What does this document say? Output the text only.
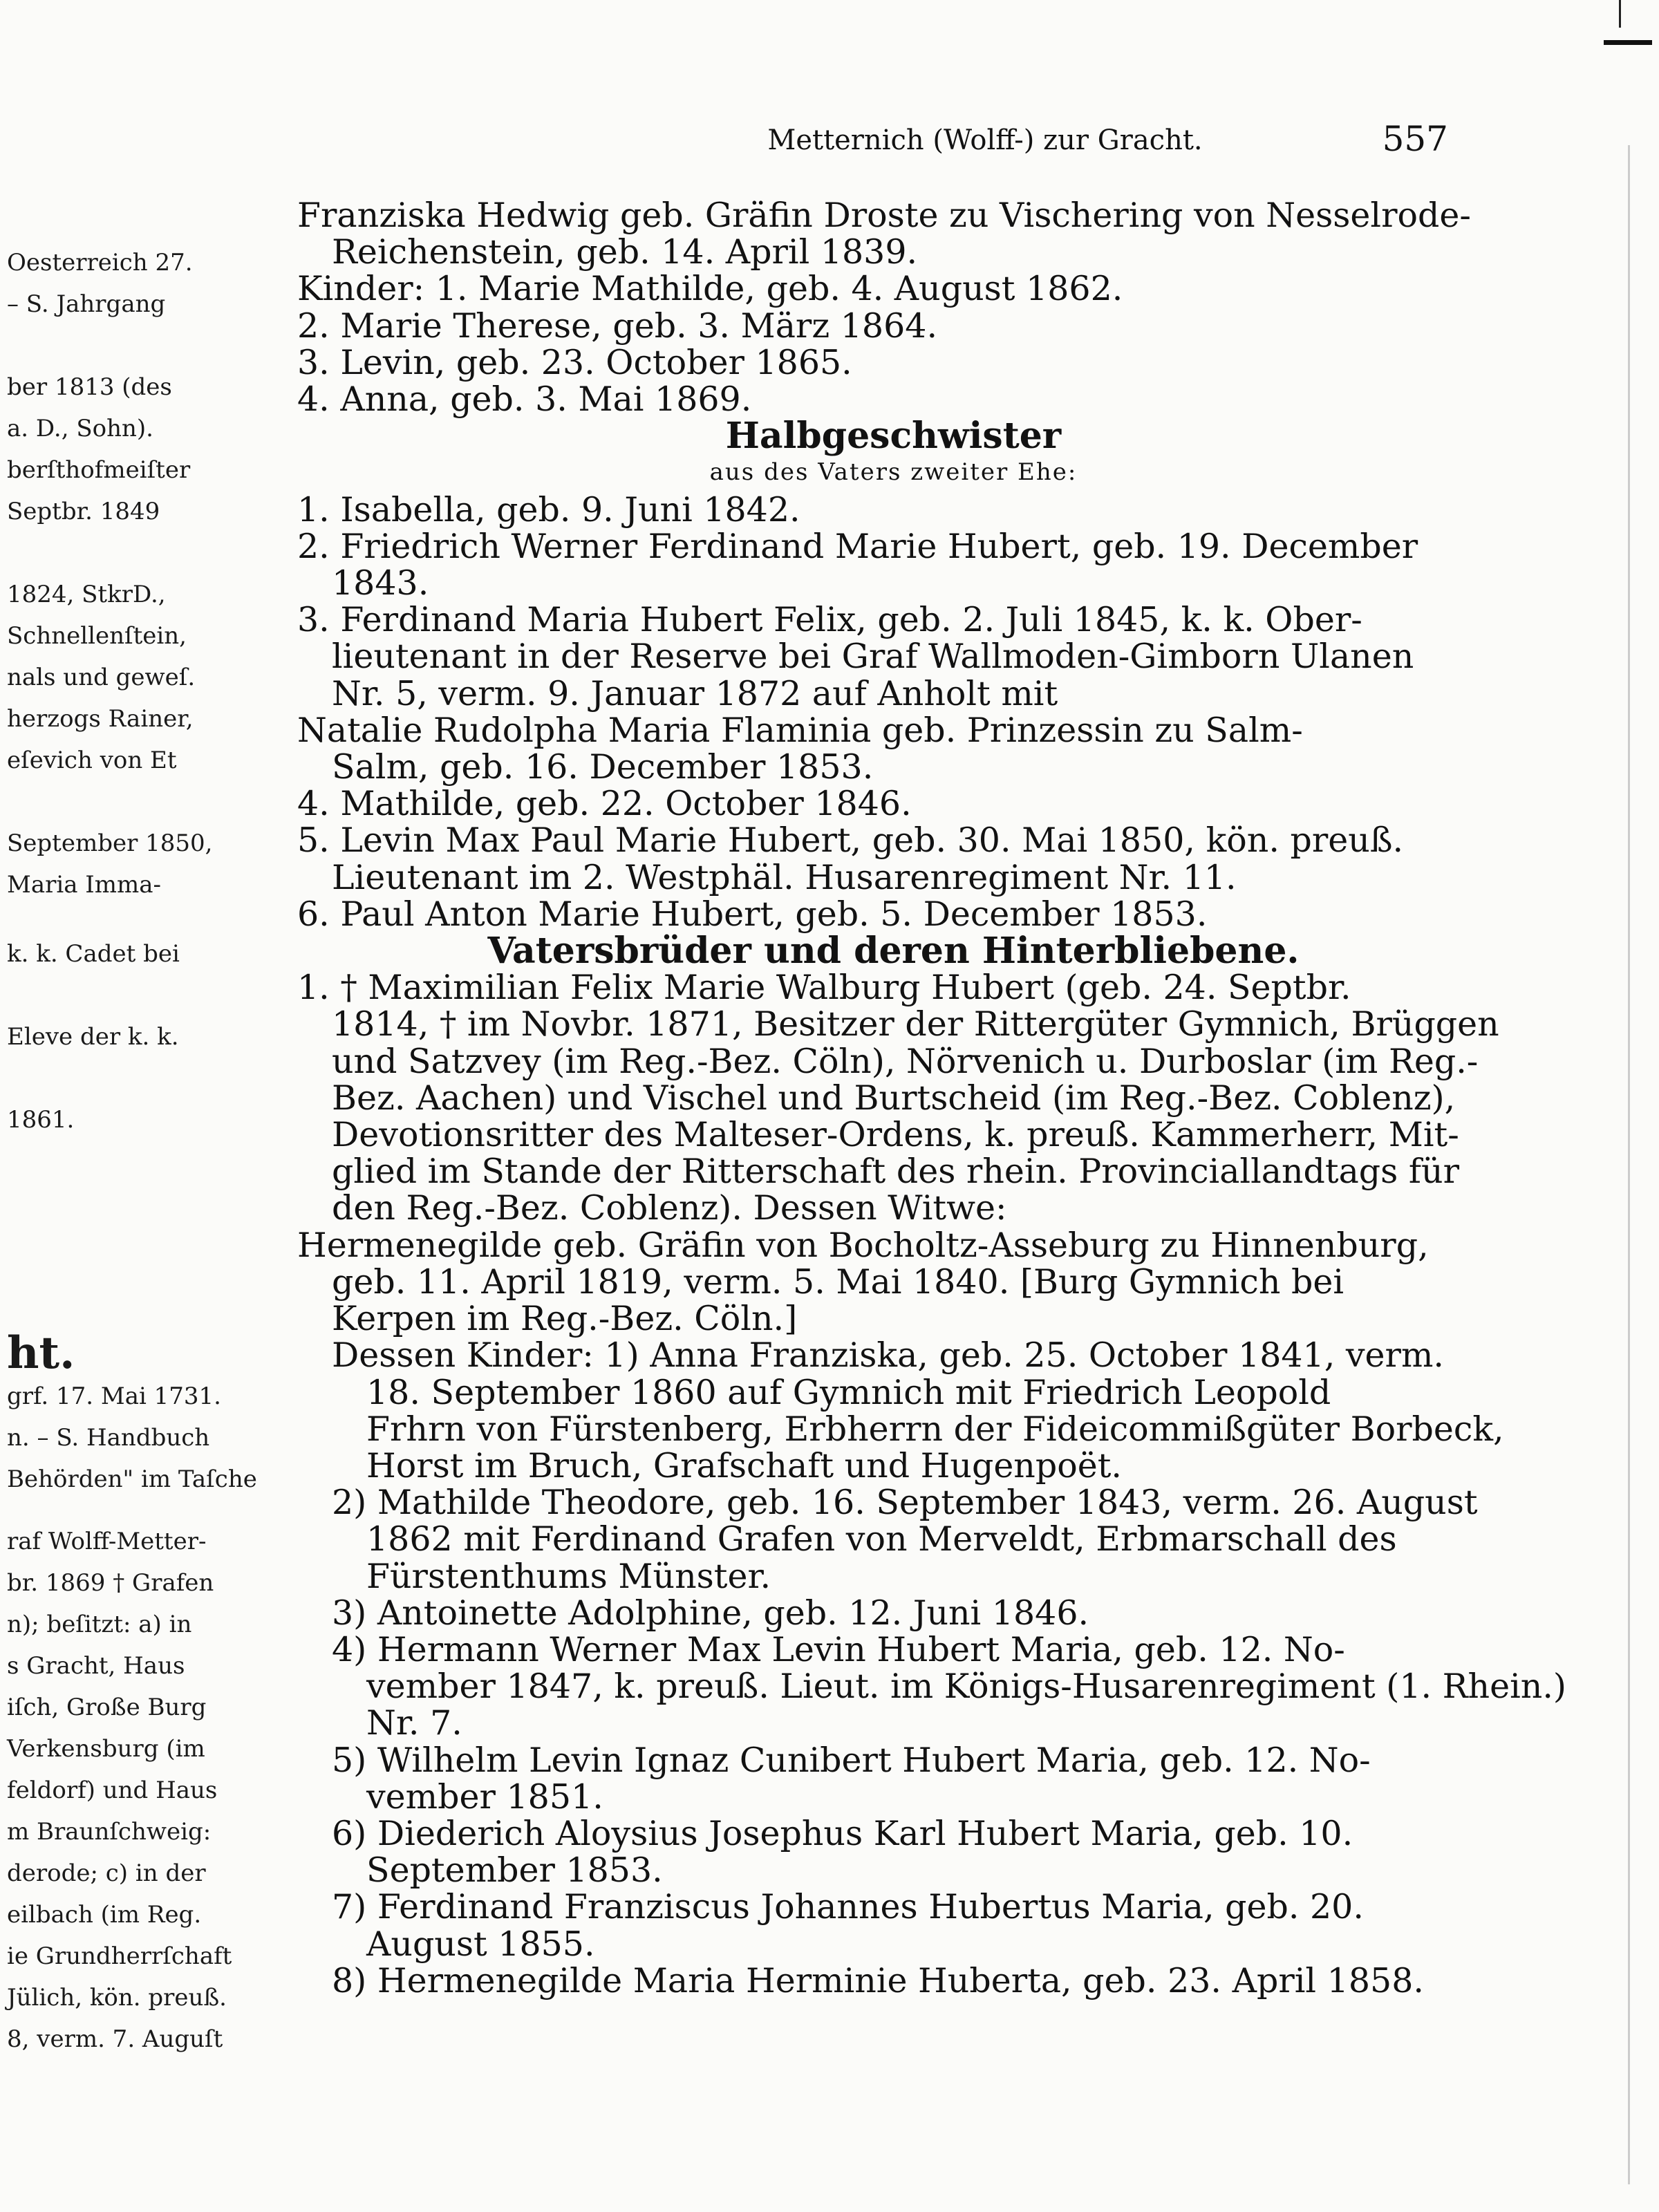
Oesterreich 27.
– S. Jahrgang
ber 1813 (des
a. D., Sohn).
berſthofmeiſter
Septbr. 1849
1824, StkrD.,
Schnellenſtein,
nals und geweſ.
herzogs Rainer,
eſevich von Et
September 1850,
Maria Imma-
k. k. Cadet bei
Eleve der k. k.
1861.
ht.
grf. 17. Mai 1731.
n. – S. Handbuch
Behörden" im Taſche
raf Wolff-Metter-
br. 1869 † Grafen
n); beſitzt: a) in
s Gracht, Haus
iſch, Große Burg
Verkensburg (im
feldorf) und Haus
m Braunſchweig:
derode; c) in der
eilbach (im Reg.
ie Grundherrſchaft
Jülich, kön. preuß.
8, verm. 7. Auguſt
Metternich (Wolff-) zur Gracht.	557
Franziska Hedwig geb. Gräfin Droste zu Vischering von Nesselrode-
Reichenstein, geb. 14. April 1839.
Kinder: 1. Marie Mathilde, geb. 4. August 1862.
2. Marie Therese, geb. 3. März 1864.
3. Levin, geb. 23. October 1865.
4. Anna, geb. 3. Mai 1869.
Halbgeschwister
aus des Vaters zweiter Ehe:
1. Isabella, geb. 9. Juni 1842.
2. Friedrich Werner Ferdinand Marie Hubert, geb. 19. December
1843.
3. Ferdinand Maria Hubert Felix, geb. 2. Juli 1845, k. k. Ober-
lieutenant in der Reserve bei Graf Wallmoden-Gimborn Ulanen
Nr. 5, verm. 9. Januar 1872 auf Anholt mit
Natalie Rudolpha Maria Flaminia geb. Prinzessin zu Salm-
Salm, geb. 16. December 1853.
4. Mathilde, geb. 22. October 1846.
5. Levin Max Paul Marie Hubert, geb. 30. Mai 1850, kön. preuß.
Lieutenant im 2. Westphäl. Husarenregiment Nr. 11.
6. Paul Anton Marie Hubert, geb. 5. December 1853.
Vatersbrüder und deren Hinterbliebene.
1. † Maximilian Felix Marie Walburg Hubert (geb. 24. Septbr.
1814, † im Novbr. 1871, Besitzer der Rittergüter Gymnich, Brüggen
und Satzvey (im Reg.-Bez. Cöln), Nörvenich u. Durboslar (im Reg.-
Bez. Aachen) und Vischel und Burtscheid (im Reg.-Bez. Coblenz),
Devotionsritter des Malteser-Ordens, k. preuß. Kammerherr, Mit-
glied im Stande der Ritterschaft des rhein. Provinciallandtags für
den Reg.-Bez. Coblenz). Dessen Witwe:
Hermenegilde geb. Gräfin von Bocholtz-Asseburg zu Hinnenburg,
geb. 11. April 1819, verm. 5. Mai 1840. [Burg Gymnich bei
Kerpen im Reg.-Bez. Cöln.]
Dessen Kinder: 1) Anna Franziska, geb. 25. October 1841, verm.
18. September 1860 auf Gymnich mit Friedrich Leopold
Frhrn von Fürstenberg, Erbherrn der Fideicommißgüter Borbeck,
Horst im Bruch, Grafschaft und Hugenpoët.
2) Mathilde Theodore, geb. 16. September 1843, verm. 26. August
1862 mit Ferdinand Grafen von Merveldt, Erbmarschall des
Fürstenthums Münster.
3) Antoinette Adolphine, geb. 12. Juni 1846.
4) Hermann Werner Max Levin Hubert Maria, geb. 12. No-
vember 1847, k. preuß. Lieut. im Königs-Husarenregiment (1. Rhein.)
Nr. 7.
5) Wilhelm Levin Ignaz Cunibert Hubert Maria, geb. 12. No-
vember 1851.
6) Diederich Aloysius Josephus Karl Hubert Maria, geb. 10.
September 1853.
7) Ferdinand Franziscus Johannes Hubertus Maria, geb. 20.
August 1855.
8) Hermenegilde Maria Herminie Huberta, geb. 23. April 1858.
